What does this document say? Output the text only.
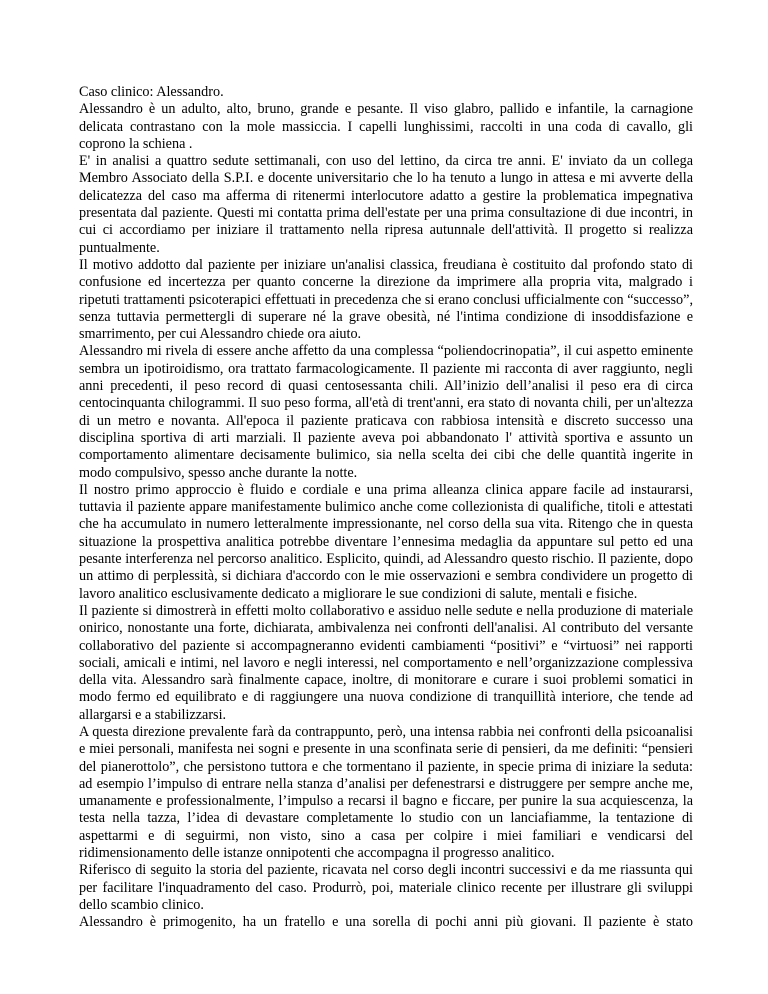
Caso clinico: Alessandro.

Alessandro è un adulto, alto, bruno, grande e pesante. Il viso glabro, pallido e infantile, la carnagione delicata contrastano con la mole massiccia. I capelli lunghissimi, raccolti in una coda di cavallo, gli coprono la schiena .

E' in analisi a quattro sedute settimanali, con uso del lettino, da circa tre anni. E' inviato da un collega Membro Associato della S.P.I. e docente universitario che lo ha tenuto a lungo in attesa e mi avverte della delicatezza del caso ma afferma di ritenermi interlocutore adatto a gestire la problematica impegnativa presentata dal paziente. Questi mi contatta prima dell'estate per una prima consultazione di due incontri, in cui ci accordiamo per iniziare il trattamento nella ripresa autunnale dell'attività. Il progetto si realizza puntualmente.

Il motivo addotto dal paziente per iniziare un'analisi classica, freudiana è costituito dal profondo stato di confusione ed incertezza per quanto concerne la direzione da imprimere alla propria vita, malgrado i ripetuti trattamenti psicoterapici effettuati in precedenza che si erano conclusi ufficialmente con “successo”, senza tuttavia permettergli di superare né la grave obesità, né l'intima condizione di insoddisfazione e smarrimento, per cui Alessandro chiede ora aiuto.

Alessandro mi rivela di essere anche affetto da una complessa “poliendocrinopatia”, il cui aspetto eminente sembra un ipotiroidismo, ora trattato farmacologicamente. Il paziente mi racconta di aver raggiunto, negli anni precedenti, il peso record di quasi centosessanta chili. All’inizio dell’analisi il peso era di circa centocinquanta chilogrammi. Il suo peso forma, all'età di trent'anni, era stato di novanta chili, per un'altezza di un metro e novanta. All'epoca il paziente praticava con rabbiosa intensità e discreto successo una disciplina sportiva di arti marziali. Il paziente aveva poi abbandonato l' attività sportiva e assunto un comportamento alimentare decisamente bulimico, sia nella scelta dei cibi che delle quantità ingerite in modo compulsivo, spesso anche durante la notte.

Il nostro primo approccio è fluido e cordiale e una prima alleanza clinica appare facile ad instaurarsi, tuttavia il paziente appare manifestamente bulimico anche come collezionista di qualifiche, titoli e attestati che ha accumulato in numero letteralmente impressionante, nel corso della sua vita. Ritengo che in questa situazione la prospettiva analitica potrebbe diventare l’ennesima medaglia da appuntare sul petto ed una pesante interferenza nel percorso analitico. Esplicito, quindi, ad Alessandro questo rischio. Il paziente, dopo un attimo di perplessità, si dichiara d'accordo con le mie osservazioni e sembra condividere un progetto di lavoro analitico esclusivamente dedicato a migliorare le sue condizioni di salute, mentali e fisiche.

Il paziente si dimostrerà in effetti molto collaborativo e assiduo nelle sedute e nella produzione di materiale onirico, nonostante una forte, dichiarata, ambivalenza nei confronti dell'analisi. Al contributo del versante collaborativo del paziente si accompagneranno evidenti cambiamenti “positivi” e “virtuosi” nei rapporti sociali, amicali e intimi, nel lavoro e negli interessi, nel comportamento e nell’organizzazione complessiva della vita. Alessandro sarà finalmente capace, inoltre, di monitorare e curare i suoi problemi somatici in modo fermo ed equilibrato e di raggiungere una nuova condizione di tranquillità interiore, che tende ad allargarsi e a stabilizzarsi.

A questa direzione prevalente farà da contrappunto, però, una intensa rabbia nei confronti della psicoanalisi e miei personali, manifesta nei sogni e presente in una sconfinata serie di pensieri, da me definiti: “pensieri del pianerottolo”, che persistono tuttora e che tormentano il paziente, in specie prima di iniziare la seduta: ad esempio l’impulso di entrare nella stanza d’analisi per defenestrarsi e distruggere per sempre anche me, umanamente e professionalmente, l’impulso a recarsi il bagno e ficcare, per punire la sua acquiescenza, la testa nella tazza, l’idea di devastare completamente lo studio con un lanciafiamme, la tentazione di aspettarmi e di seguirmi, non visto, sino a casa per colpire i miei familiari e vendicarsi del ridimensionamento delle istanze onnipotenti che accompagna il progresso analitico.

Riferisco di seguito la storia del paziente, ricavata nel corso degli incontri successivi e da me riassunta qui per facilitare l'inquadramento del caso. Produrrò, poi, materiale clinico recente per illustrare gli sviluppi dello scambio clinico.

Alessandro è primogenito, ha un fratello e una sorella di pochi anni più giovani. Il paziente è stato
